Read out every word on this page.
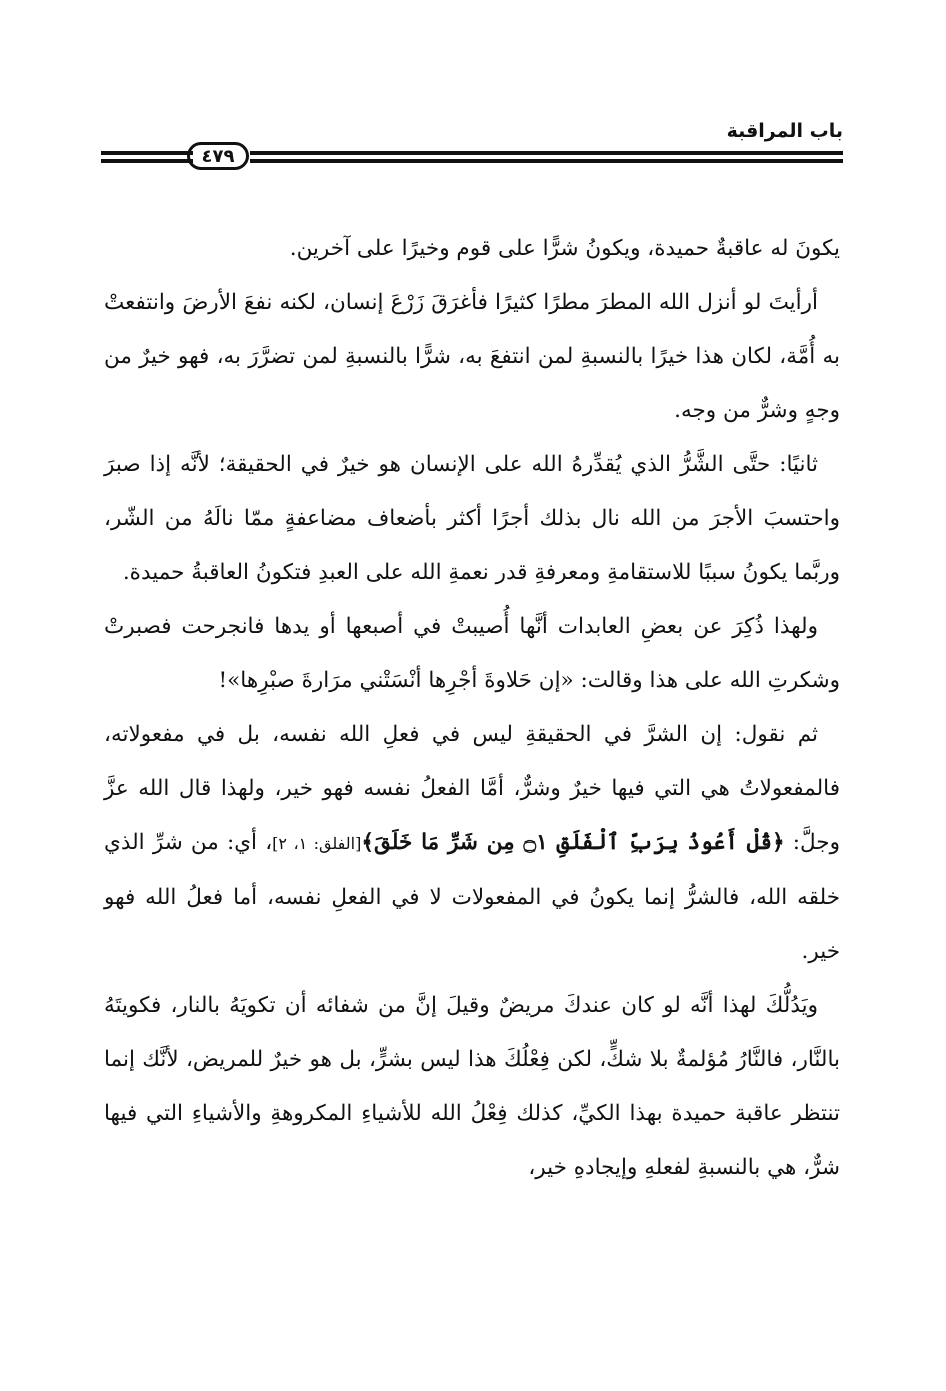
باب المراقبة
٤٧٩

يكونَ له عاقبةٌ حميدة، ويكونُ شرًّا على قوم وخيرًا على آخرين.

أرأيتَ لو أنزل الله المطرَ مطرًا كثيرًا فأغرَقَ زَرْعَ إنسان، لكنه نفعَ الأرضَ وانتفعتْ به أُمَّة، لكان هذا خيرًا بالنسبةِ لمن انتفعَ به، شرًّا بالنسبةِ لمن تضرَّرَ به، فهو خيرٌ من وجهٍ وشرٌّ من وجه.

ثانيًا: حتَّى الشَّرُّ الذي يُقدِّرهُ الله على الإنسان هو خيرٌ في الحقيقة؛ لأنَّه إذا صبرَ واحتسبَ الأجرَ من الله نال بذلك أجرًا أكثر بأضعاف مضاعفةٍ ممّا نالَهُ من الشّر، وربَّما يكونُ سببًا للاستقامةِ ومعرفةِ قدر نعمةِ الله على العبدِ فتكونُ العاقبةُ حميدة.

ولهذا ذُكِرَ عن بعضِ العابدات أنَّها أُصيبتْ في أصبعها أو يدها فانجرحت فصبرتْ وشكرتِ الله على هذا وقالت: «إن حَلاوةَ أجْرِها أنْسَتْني مرَارةَ صبْرِها»!

ثم نقول: إن الشرَّ في الحقيقةِ ليس في فعلِ الله نفسه، بل في مفعولاته، فالمفعولاتُ هي التي فيها خيرٌ وشرٌّ، أمَّا الفعلُ نفسه فهو خير، ولهذا قال الله عزَّ وجلَّ: ﴿قُلْ أَعُوذُ بِرَبِّ ٱلْفَلَقِ ۝١ مِن شَرِّ مَا خَلَقَ﴾[الفلق: ١، ٢]، أي: من شرِّ الذي خلقه الله، فالشرُّ إنما يكونُ في المفعولات لا في الفعلِ نفسه، أما فعلُ الله فهو خير.

ويَدُلُّكَ لهذا أنَّه لو كان عندكَ مريضٌ وقيلَ إنَّ من شفائه أن تكويَهُ بالنار، فكويتَهُ بالنَّار، فالنَّارُ مُؤلمةٌ بلا شكٍّ، لكن فِعْلُكَ هذا ليس بشرٍّ، بل هو خيرٌ للمريض، لأنَّك إنما تنتظر عاقبة حميدة بهذا الكيِّ، كذلك فِعْلُ الله للأشياءِ المكروهةِ والأشياءِ التي فيها شرٌّ، هي بالنسبةِ لفعلهِ وإيجادهِ خير،
